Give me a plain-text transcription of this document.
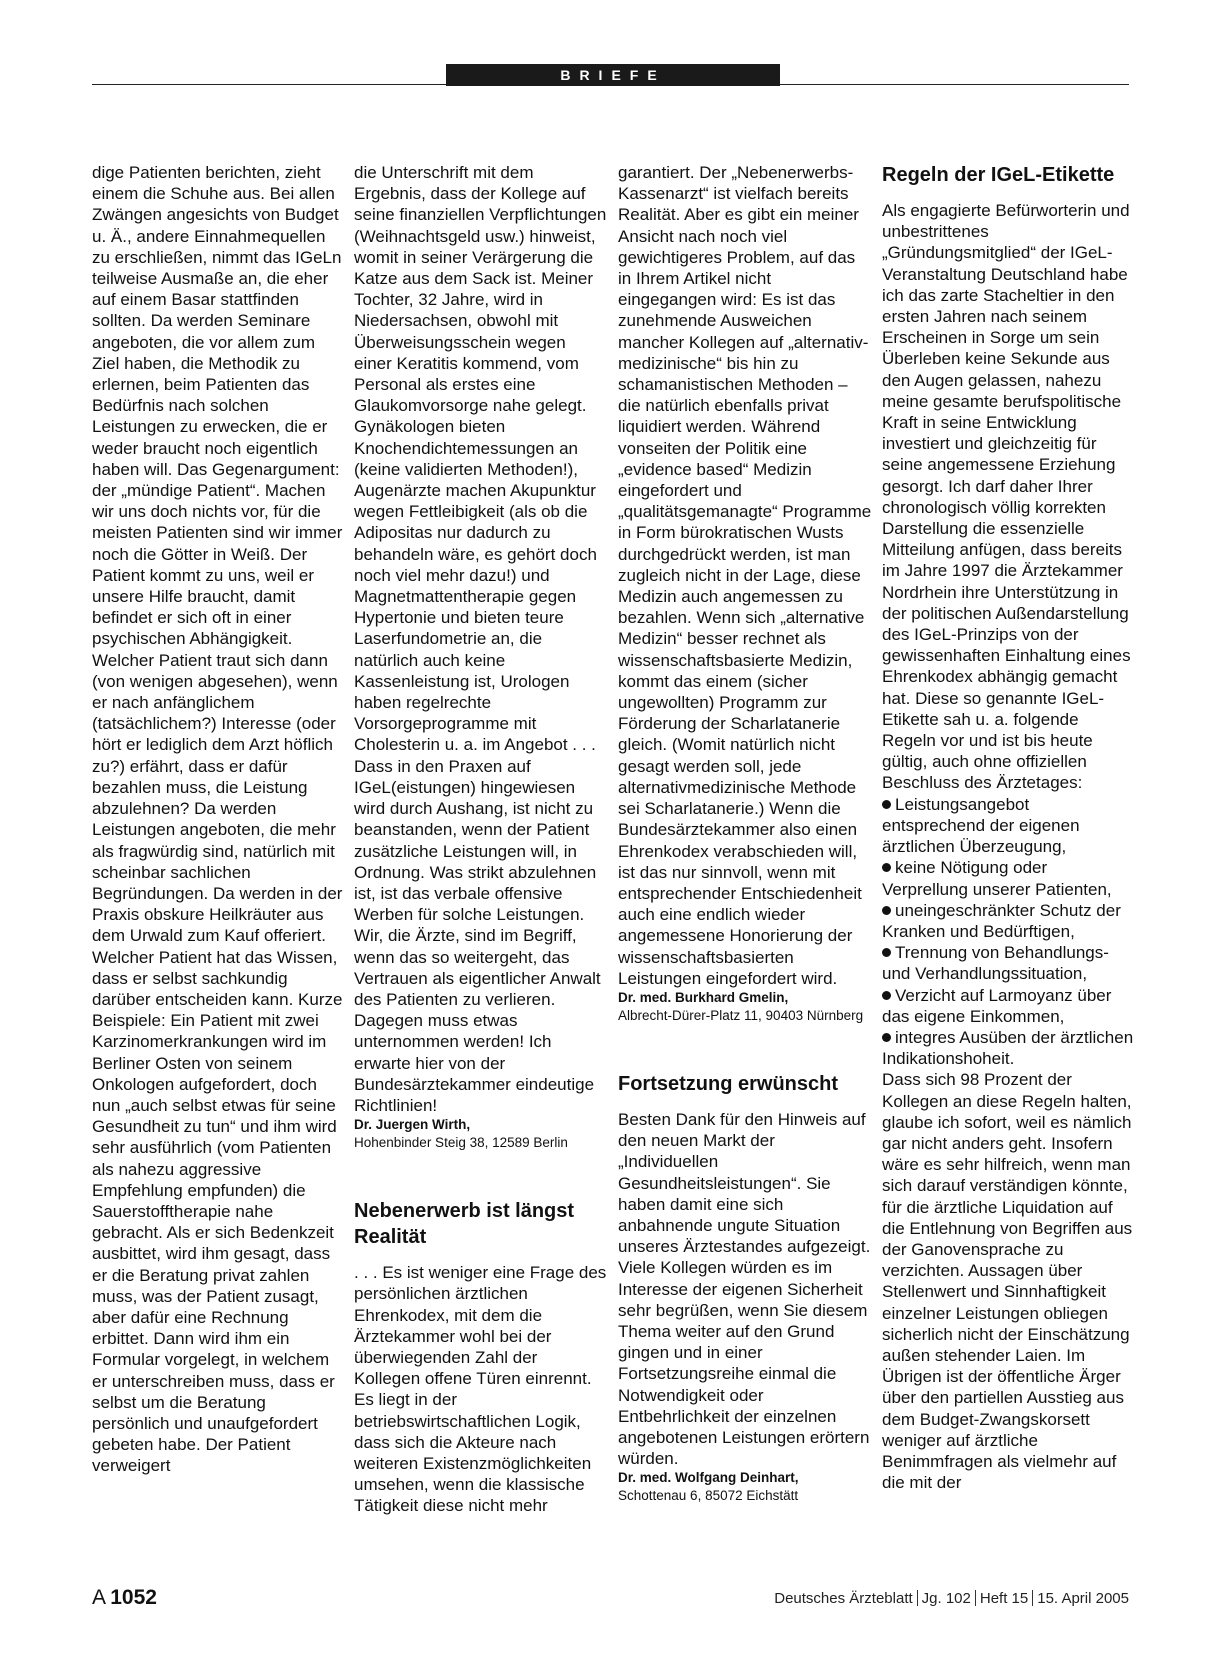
BRIEFE

dige Patienten berichten, zieht einem die Schuhe aus. Bei allen Zwängen angesichts von Budget u. Ä., andere Einnahmequellen zu erschließen, nimmt das IGeLn teilweise Ausmaße an, die eher auf einem Basar stattfinden sollten. Da werden Seminare angeboten, die vor allem zum Ziel haben, die Methodik zu erlernen, beim Patienten das Bedürfnis nach solchen Leistungen zu erwecken, die er weder braucht noch eigentlich haben will. Das Gegenargument: der „mündige Patient“. Machen wir uns doch nichts vor, für die meisten Patienten sind wir immer noch die Götter in Weiß. Der Patient kommt zu uns, weil er unsere Hilfe braucht, damit befindet er sich oft in einer psychischen Abhängigkeit. Welcher Patient traut sich dann (von wenigen abgesehen), wenn er nach anfänglichem (tatsächlichem?) Interesse (oder hört er lediglich dem Arzt höflich zu?) erfährt, dass er dafür bezahlen muss, die Leistung abzulehnen? Da werden Leistungen angeboten, die mehr als fragwürdig sind, natürlich mit scheinbar sachlichen Begründungen. Da werden in der Praxis obskure Heilkräuter aus dem Urwald zum Kauf offeriert. Welcher Patient hat das Wissen, dass er selbst sachkundig darüber entscheiden kann. Kurze Beispiele: Ein Patient mit zwei Karzinomerkrankungen wird im Berliner Osten von seinem Onkologen aufgefordert, doch nun „auch selbst etwas für seine Gesundheit zu tun“ und ihm wird sehr ausführlich (vom Patienten als nahezu aggressive Empfehlung empfunden) die Sauerstofftherapie nahe gebracht. Als er sich Bedenkzeit ausbittet, wird ihm gesagt, dass er die Beratung privat zahlen muss, was der Patient zusagt, aber dafür eine Rechnung erbittet. Dann wird ihm ein Formular vorgelegt, in welchem er unterschreiben muss, dass er selbst um die Beratung persönlich und unaufgefordert gebeten habe. Der Patient verweigert

die Unterschrift mit dem Ergebnis, dass der Kollege auf seine finanziellen Verpflichtungen (Weihnachtsgeld usw.) hinweist, womit in seiner Verärgerung die Katze aus dem Sack ist. Meiner Tochter, 32 Jahre, wird in Niedersachsen, obwohl mit Überweisungsschein wegen einer Keratitis kommend, vom Personal als erstes eine Glaukomvorsorge nahe gelegt. Gynäkologen bieten Knochendichtemessungen an (keine validierten Methoden!), Augenärzte machen Akupunktur wegen Fettleibigkeit (als ob die Adipositas nur dadurch zu behandeln wäre, es gehört doch noch viel mehr dazu!) und Magnetmattentherapie gegen Hypertonie und bieten teure Laserfundometrie an, die natürlich auch keine Kassenleistung ist, Urologen haben regelrechte Vorsorgeprogramme mit Cholesterin u. a. im Angebot . . . Dass in den Praxen auf IGeL(eistungen) hingewiesen wird durch Aushang, ist nicht zu beanstanden, wenn der Patient zusätzliche Leistungen will, in Ordnung. Was strikt abzulehnen ist, ist das verbale offensive Werben für solche Leistungen. Wir, die Ärzte, sind im Begriff, wenn das so weitergeht, das Vertrauen als eigentlicher Anwalt des Patienten zu verlieren. Dagegen muss etwas unternommen werden! Ich erwarte hier von der Bundesärztekammer eindeutige Richtlinien!

Dr. Juergen Wirth,
Hohenbinder Steig 38, 12589 Berlin
Nebenerwerb ist längst Realität

. . . Es ist weniger eine Frage des persönlichen ärztlichen Ehrenkodex, mit dem die Ärztekammer wohl bei der überwiegenden Zahl der Kollegen offene Türen einrennt. Es liegt in der betriebswirtschaftlichen Logik, dass sich die Akteure nach weiteren Existenzmöglichkeiten umsehen, wenn die klassische Tätigkeit diese nicht mehr

garantiert. Der „Nebenerwerbs-Kassenarzt“ ist vielfach bereits Realität. Aber es gibt ein meiner Ansicht nach noch viel gewichtigeres Problem, auf das in Ihrem Artikel nicht eingegangen wird: Es ist das zunehmende Ausweichen mancher Kollegen auf „alternativ-medizinische“ bis hin zu schamanistischen Methoden – die natürlich ebenfalls privat liquidiert werden. Während vonseiten der Politik eine „evidence based“ Medizin eingefordert und „qualitätsgemanagte“ Programme in Form bürokratischen Wusts durchgedrückt werden, ist man zugleich nicht in der Lage, diese Medizin auch angemessen zu bezahlen. Wenn sich „alternative Medizin“ besser rechnet als wissenschaftsbasierte Medizin, kommt das einem (sicher ungewollten) Programm zur Förderung der Scharlatanerie gleich. (Womit natürlich nicht gesagt werden soll, jede alternativmedizinische Methode sei Scharlatanerie.) Wenn die Bundesärztekammer also einen Ehrenkodex verabschieden will, ist das nur sinnvoll, wenn mit entsprechender Entschiedenheit auch eine endlich wieder angemessene Honorierung der wissenschaftsbasierten Leistungen eingefordert wird.

Dr. med. Burkhard Gmelin,
Albrecht-Dürer-Platz 11, 90403 Nürnberg
Fortsetzung erwünscht

Besten Dank für den Hinweis auf den neuen Markt der „Individuellen Gesundheitsleistungen“. Sie haben damit eine sich anbahnende ungute Situation unseres Ärztestandes aufgezeigt. Viele Kollegen würden es im Interesse der eigenen Sicherheit sehr begrüßen, wenn Sie diesem Thema weiter auf den Grund gingen und in einer Fortsetzungsreihe einmal die Notwendigkeit oder Entbehrlichkeit der einzelnen angebotenen Leistungen erörtern würden.

Dr. med. Wolfgang Deinhart,
Schottenau 6, 85072 Eichstätt
Regeln der IGeL-Etikette

Als engagierte Befürworterin und unbestrittenes „Gründungsmitglied“ der IGeL-Veranstaltung Deutschland habe ich das zarte Stacheltier in den ersten Jahren nach seinem Erscheinen in Sorge um sein Überleben keine Sekunde aus den Augen gelassen, nahezu meine gesamte berufspolitische Kraft in seine Entwicklung investiert und gleichzeitig für seine angemessene Erziehung gesorgt. Ich darf daher Ihrer chronologisch völlig korrekten Darstellung die essenzielle Mitteilung anfügen, dass bereits im Jahre 1997 die Ärztekammer Nordrhein ihre Unterstützung in der politischen Außendarstellung des IGeL-Prinzips von der gewissenhaften Einhaltung eines Ehrenkodex abhängig gemacht hat. Diese so genannte IGeL-Etikette sah u. a. folgende Regeln vor und ist bis heute gültig, auch ohne offiziellen Beschluss des Ärztetages:

Leistungsangebot entsprechend der eigenen ärztlichen Überzeugung,
keine Nötigung oder Verprellung unserer Patienten,
uneingeschränkter Schutz der Kranken und Bedürftigen,
Trennung von Behandlungs- und Verhandlungssituation,
Verzicht auf Larmoyanz über das eigene Einkommen,
integres Ausüben der ärztlichen Indikationshoheit.

Dass sich 98 Prozent der Kollegen an diese Regeln halten, glaube ich sofort, weil es nämlich gar nicht anders geht. Insofern wäre es sehr hilfreich, wenn man sich darauf verständigen könnte, für die ärztliche Liquidation auf die Entlehnung von Begriffen aus der Ganovensprache zu verzichten. Aussagen über Stellenwert und Sinnhaftigkeit einzelner Leistungen obliegen sicherlich nicht der Einschätzung außen stehender Laien. Im Übrigen ist der öffentliche Ärger über den partiellen Ausstieg aus dem Budget-Zwangskorsett weniger auf ärztliche Benimmfragen als vielmehr auf die mit der

A  1052	Deutsches Ärzteblatt Jg. 102 Heft 15 15. April 2005
